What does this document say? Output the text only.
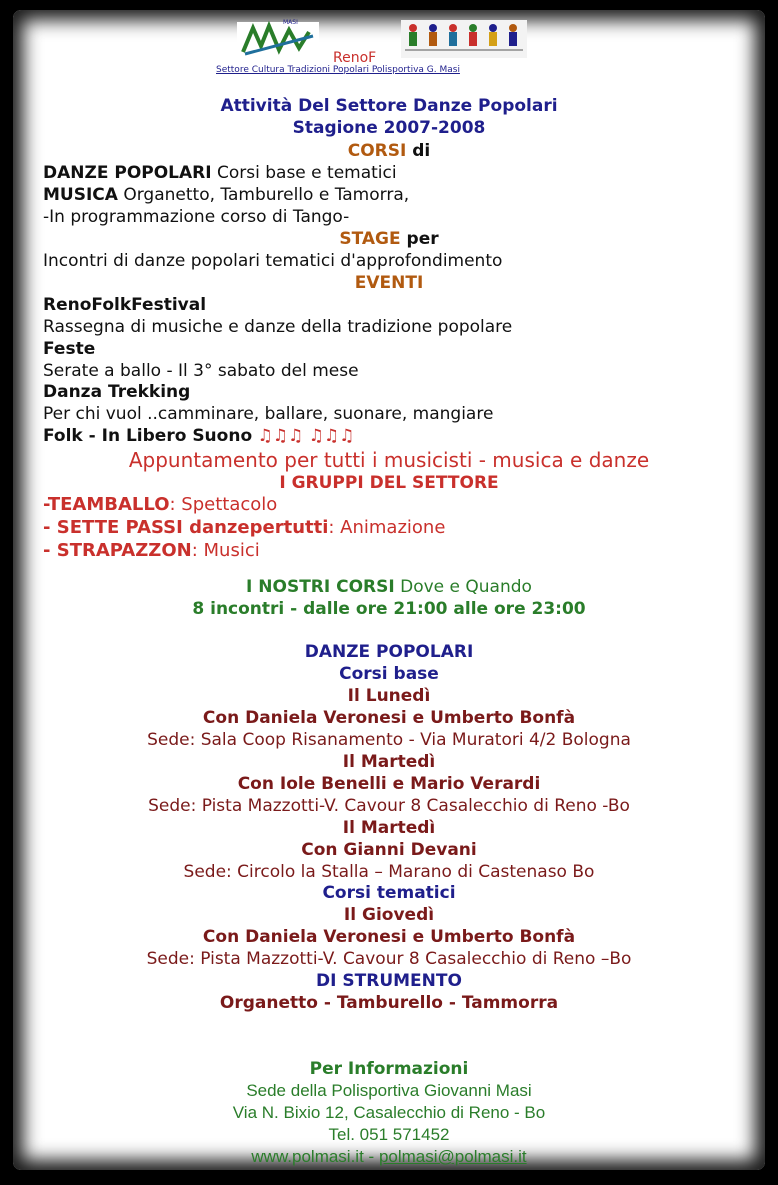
MASI
RenoF
Settore Cultura Tradizioni Popolari Polisportiva G. Masi
Attività Del Settore Danze Popolari
Stagione 2007-2008
CORSI di
DANZE POPOLARI Corsi base e tematici
MUSICA Organetto, Tamburello e Tamorra,
-In programmazione corso di Tango-
STAGE per
Incontri di danze popolari tematici d'approfondimento
EVENTI
RenoFolkFestival
Rassegna di musiche e danze della tradizione popolare
Feste
Serate a ballo - Il 3° sabato del mese
Danza Trekking
Per chi vuol ..camminare, ballare, suonare, mangiare
Folk - In Libero Suono ♫♫♫ ♫♫♫
Appuntamento per tutti i musicisti - musica e danze
I GRUPPI DEL SETTORE
-TEAMBALLO: Spettacolo
- SETTE PASSI danzepertutti: Animazione
- STRAPAZZON: Musici
I NOSTRI CORSI Dove e Quando
8 incontri - dalle ore 21:00 alle ore 23:00
DANZE POPOLARI
Corsi base
Il Lunedì
Con Daniela Veronesi e Umberto Bonfà
Sede: Sala Coop Risanamento - Via Muratori 4/2 Bologna
Il Martedì
Con Iole Benelli e Mario Verardi
Sede: Pista Mazzotti-V. Cavour 8 Casalecchio di Reno -Bo
Il Martedì
Con Gianni Devani
Sede: Circolo la Stalla – Marano di Castenaso Bo
Corsi tematici
Il Giovedì
Con Daniela Veronesi e Umberto Bonfà
Sede: Pista Mazzotti-V. Cavour 8 Casalecchio di Reno –Bo
DI STRUMENTO
Organetto - Tamburello - Tammorra
Per Informazioni
Sede della Polisportiva Giovanni Masi
Via N. Bixio 12, Casalecchio di Reno - Bo
Tel. 051 571452
www.polmasi.it - polmasi@polmasi.it
